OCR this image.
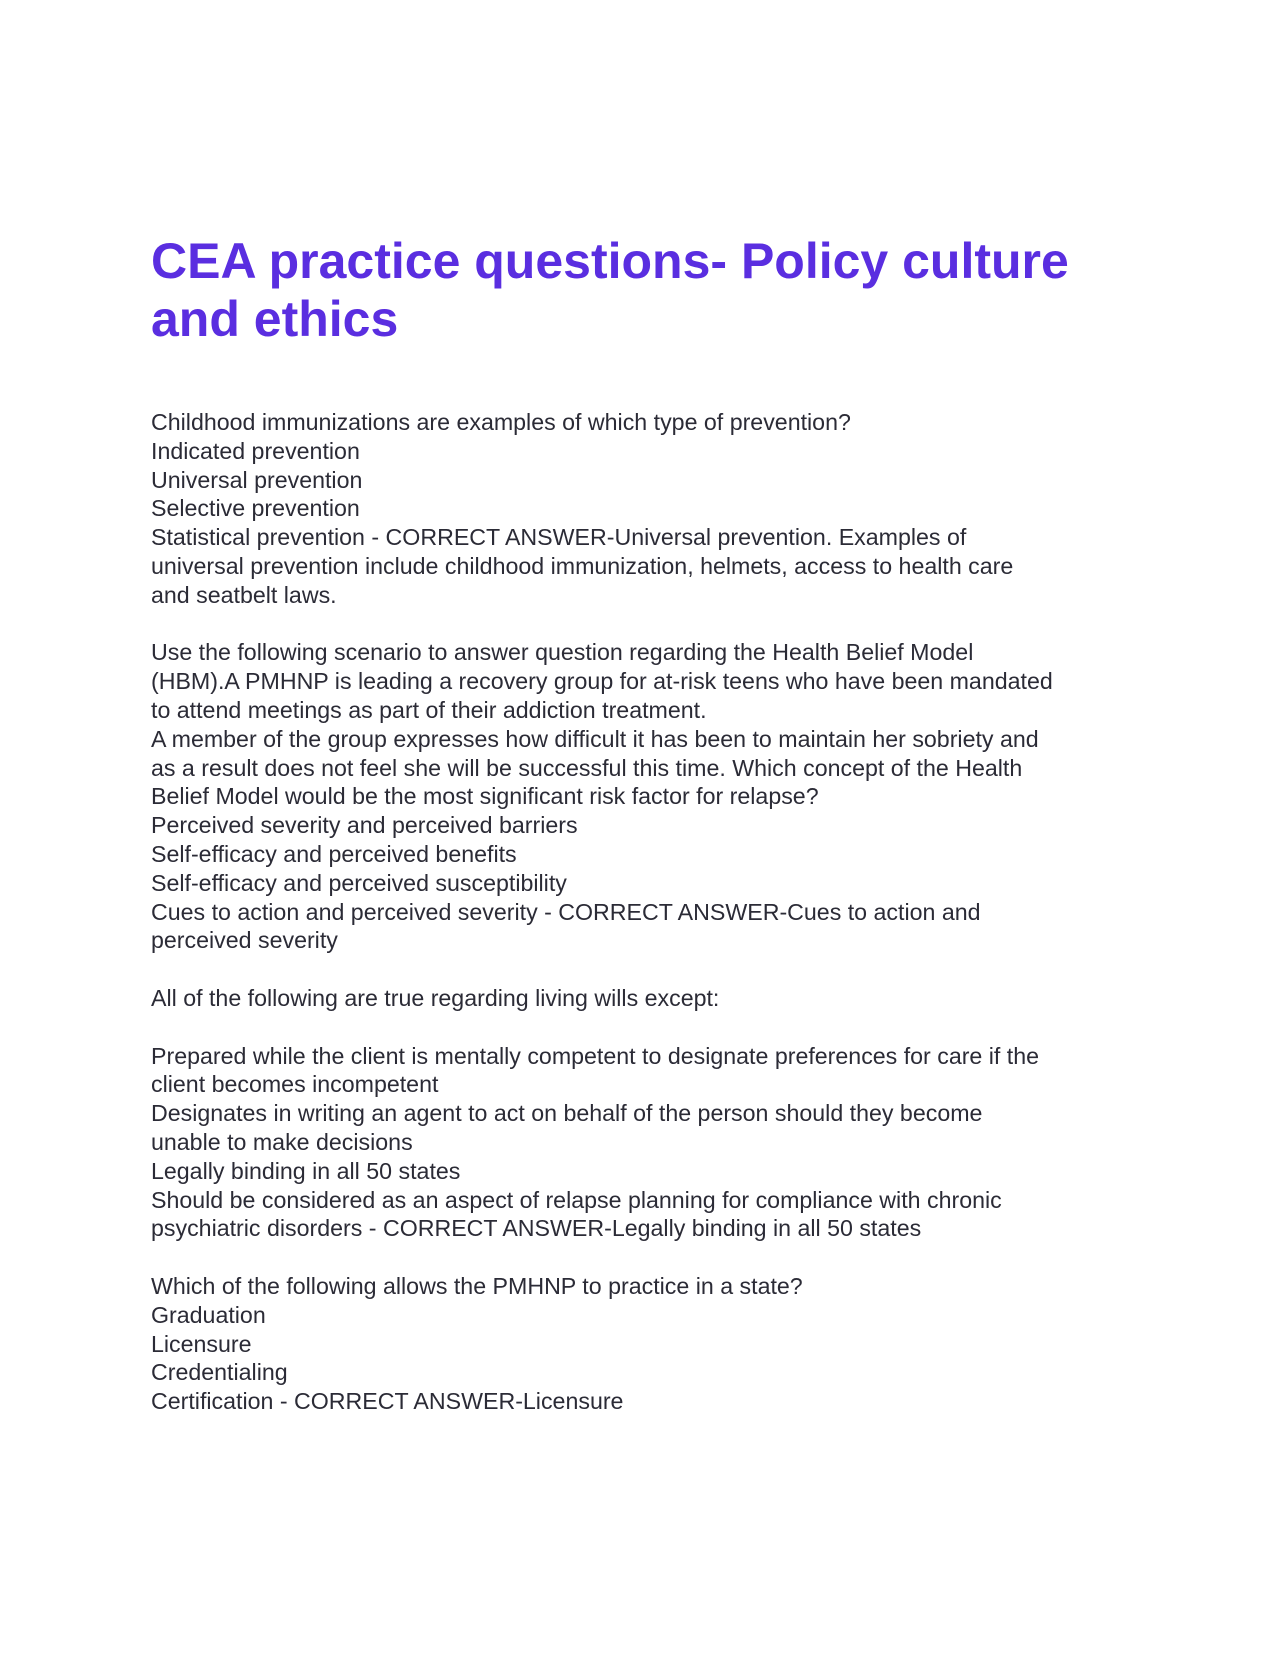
CEA practice questions- Policy culture
and ethics
Childhood immunizations are examples of which type of prevention?
Indicated prevention
Universal prevention
Selective prevention
Statistical prevention - CORRECT ANSWER-Universal prevention. Examples of
universal prevention include childhood immunization, helmets, access to health care
and seatbelt laws.
Use the following scenario to answer question regarding the Health Belief Model
(HBM).A PMHNP is leading a recovery group for at-risk teens who have been mandated
to attend meetings as part of their addiction treatment.
A member of the group expresses how difficult it has been to maintain her sobriety and
as a result does not feel she will be successful this time. Which concept of the Health
Belief Model would be the most significant risk factor for relapse?
Perceived severity and perceived barriers
Self-efficacy and perceived benefits
Self-efficacy and perceived susceptibility
Cues to action and perceived severity - CORRECT ANSWER-Cues to action and
perceived severity
All of the following are true regarding living wills except:
Prepared while the client is mentally competent to designate preferences for care if the
client becomes incompetent
Designates in writing an agent to act on behalf of the person should they become
unable to make decisions
Legally binding in all 50 states
Should be considered as an aspect of relapse planning for compliance with chronic
psychiatric disorders - CORRECT ANSWER-Legally binding in all 50 states
Which of the following allows the PMHNP to practice in a state?
Graduation
Licensure
Credentialing
Certification - CORRECT ANSWER-Licensure
